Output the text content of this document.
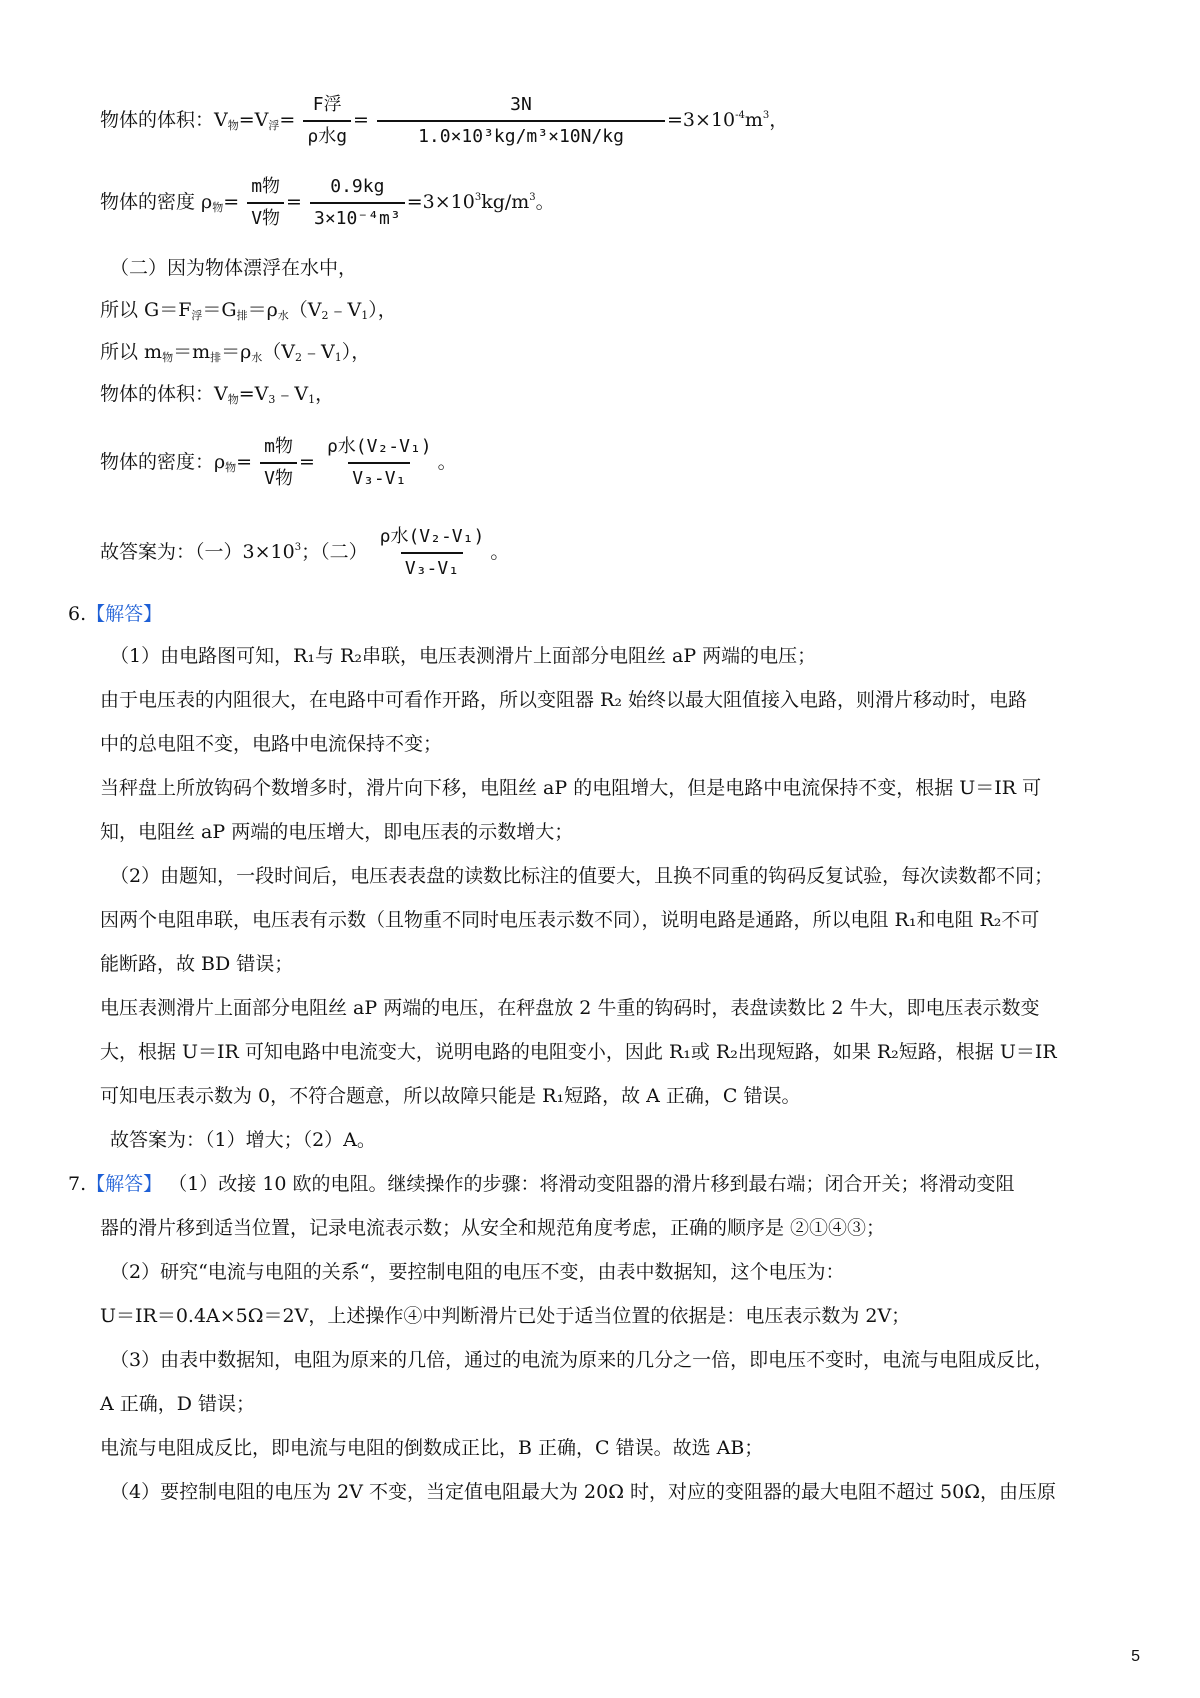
物体的体积：$V_物=V_浮= \frac{\text{F浮}}{\text{ρ水g}} = \frac{3N}{\text{1.0×10³kg/m³×10N/kg}} =3\times 10^{-4}m^3$，
物体的密度 $\rho_物= \frac{\text{m物}}{\text{V物}} = \frac{0.9kg}{\text{3×10⁻⁴m³}} =3\times 10^3kg/m^3$。
（二）因为物体漂浮在水中，
所以 $G=F_浮=G_排=\rho_水(V_2﹣V_1)$，
所以 $m_物=m_排=\rho_水(V_2﹣V_1)$，
物体的体积：$V_物=V_3﹣V_1$，
物体的密度：$\rho_物= \frac{\text{m物}}{\text{V物}} = \frac{\text{ρ水(V₂-V₁)}}{\text{V₃-V₁}}$ 。
故答案为：（一）$3\times 10^3$；（二） $\frac{\text{ρ水(V₂-V₁)}}{\text{V₃-V₁}}$ 。
6.【解答】
（1）由电路图可知，R₁与 R₂串联，电压表测滑片上面部分电阻丝 aP 两端的电压；
由于电压表的内阻很大，在电路中可看作开路，所以变阻器 R₂ 始终以最大阻值接入电路，则滑片移动时，电路
中的总电阻不变，电路中电流保持不变；
当秤盘上所放钩码个数增多时，滑片向下移，电阻丝 aP 的电阻增大，但是电路中电流保持不变，根据 U＝IR 可
知，电阻丝 aP 两端的电压增大，即电压表的示数增大；
（2）由题知，一段时间后，电压表表盘的读数比标注的值要大，且换不同重的钩码反复试验，每次读数都不同；
因两个电阻串联，电压表有示数（且物重不同时电压表示数不同），说明电路是通路，所以电阻 R₁和电阻 R₂不可
能断路，故 BD 错误；
电压表测滑片上面部分电阻丝 aP 两端的电压，在秤盘放 2 牛重的钩码时，表盘读数比 2 牛大，即电压表示数变
大，根据 U＝IR 可知电路中电流变大，说明电路的电阻变小，因此 R₁或 R₂出现短路，如果 R₂短路，根据 U＝IR
可知电压表示数为 0，不符合题意，所以故障只能是 R₁短路，故 A 正确，C 错误。
故答案为：（1）增大；（2）A。
7.【解答】 （1）改接 10 欧的电阻。继续操作的步骤：将滑动变阻器的滑片移到最右端；闭合开关；将滑动变阻
器的滑片移到适当位置，记录电流表示数；从安全和规范角度考虑，正确的顺序是 ②①④③；
（2）研究“电流与电阻的关系“，要控制电阻的电压不变，由表中数据知，这个电压为：
U＝IR＝0.4A×5Ω＝2V，上述操作④中判断滑片已处于适当位置的依据是：电压表示数为 2V；
（3）由表中数据知，电阻为原来的几倍，通过的电流为原来的几分之一倍，即电压不变时，电流与电阻成反比，
A 正确，D 错误；
电流与电阻成反比，即电流与电阻的倒数成正比，B 正确，C 错误。故选 AB；
（4）要控制电阻的电压为 2V 不变，当定值电阻最大为 20Ω 时，对应的变阻器的最大电阻不超过 50Ω，由压原
5
